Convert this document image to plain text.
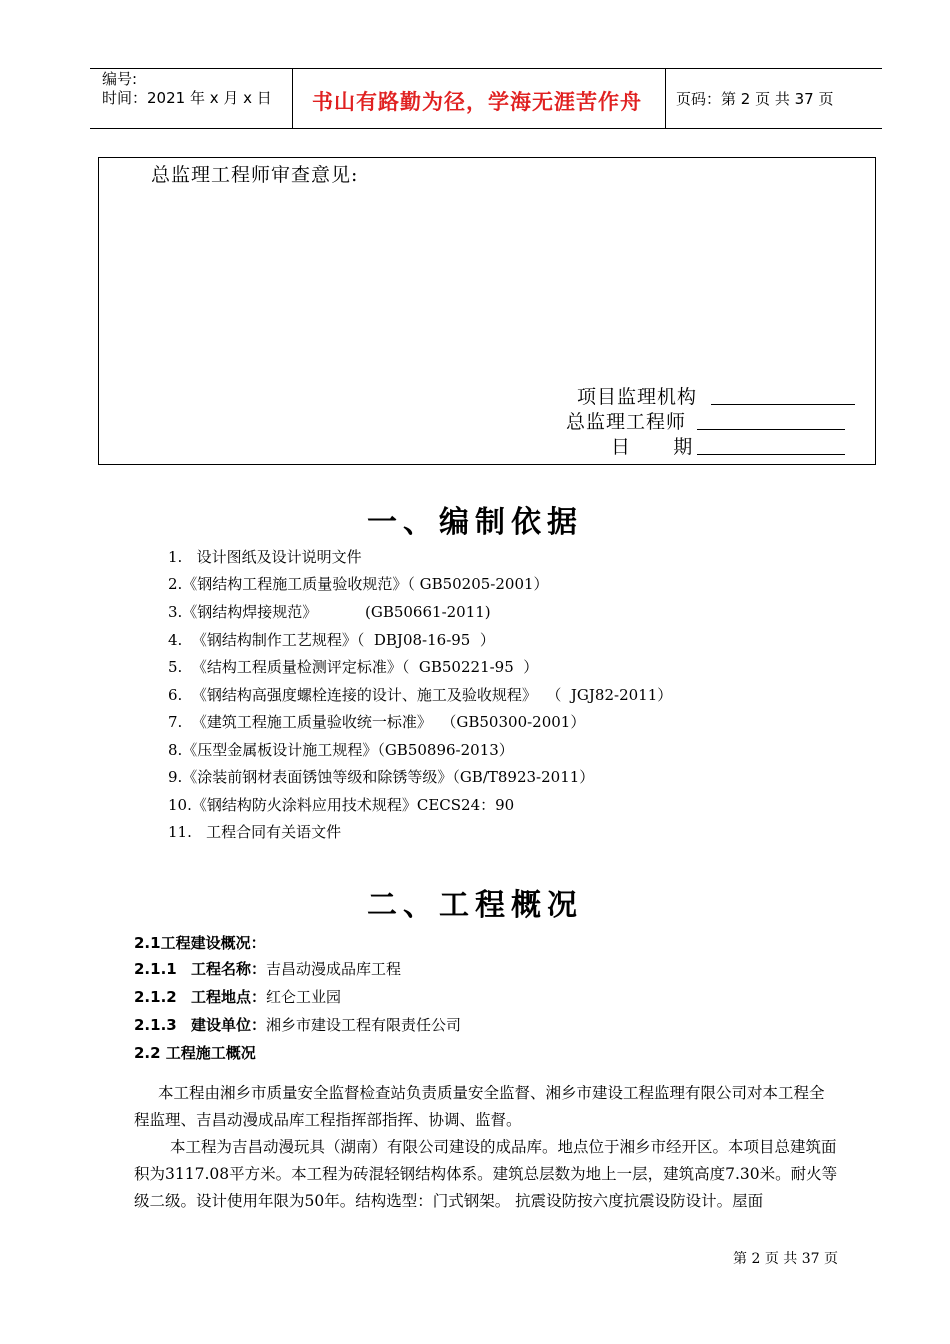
编号:
时间：2021 年 x 月 x 日 书山有路勤为径，学海无涯苦作舟 页码：第 2 页 共 37 页
总监理工程师审查意见:
项目监理机构
总监理工程师
日      期
一、编制依据
1.   设计图纸及设计说明文件
2.《钢结构工程施工质量验收规范》（ GB50205-2001）
3.《钢结构焊接规范》          (GB50661-2011)
4.  《钢结构制作工艺规程》（  DBJ08-16-95  ）
5.  《结构工程质量检测评定标准》（  GB50221-95  ）
6.  《钢结构高强度螺栓连接的设计、施工及验收规程》  （  JGJ82-2011）
7.  《建筑工程施工质量验收统一标准》  （GB50300-2001）
8.《压型金属板设计施工规程》（GB50896-2013）
9.《涂装前钢材表面锈蚀等级和除锈等级》（GB/T8923-2011）
10.《钢结构防火涂料应用技术规程》CECS24：90
11.   工程合同有关语文件
二、工程概况
2.1工程建设概况：
2.1.1 工程名称：吉昌动漫成品库工程
2.1.2 工程地点：红仑工业园
2.1.3 建设单位：湘乡市建设工程有限责任公司
2.2 工程施工概况
本工程由湘乡市质量安全监督检查站负责质量安全监督、湘乡市建设工程监理有限公司对本工程全程监理、吉昌动漫成品库工程指挥部指挥、协调、监督。
本工程为吉昌动漫玩具（湖南）有限公司建设的成品库。地点位于湘乡市经开区。本项目总建筑面积为3117.08平方米。本工程为砖混轻钢结构体系。建筑总层数为地上一层，建筑高度7.30米。耐火等级二级。设计使用年限为50年。结构选型：门式钢架。 抗震设防按六度抗震设防设计。屋面
第 2 页 共 37 页
